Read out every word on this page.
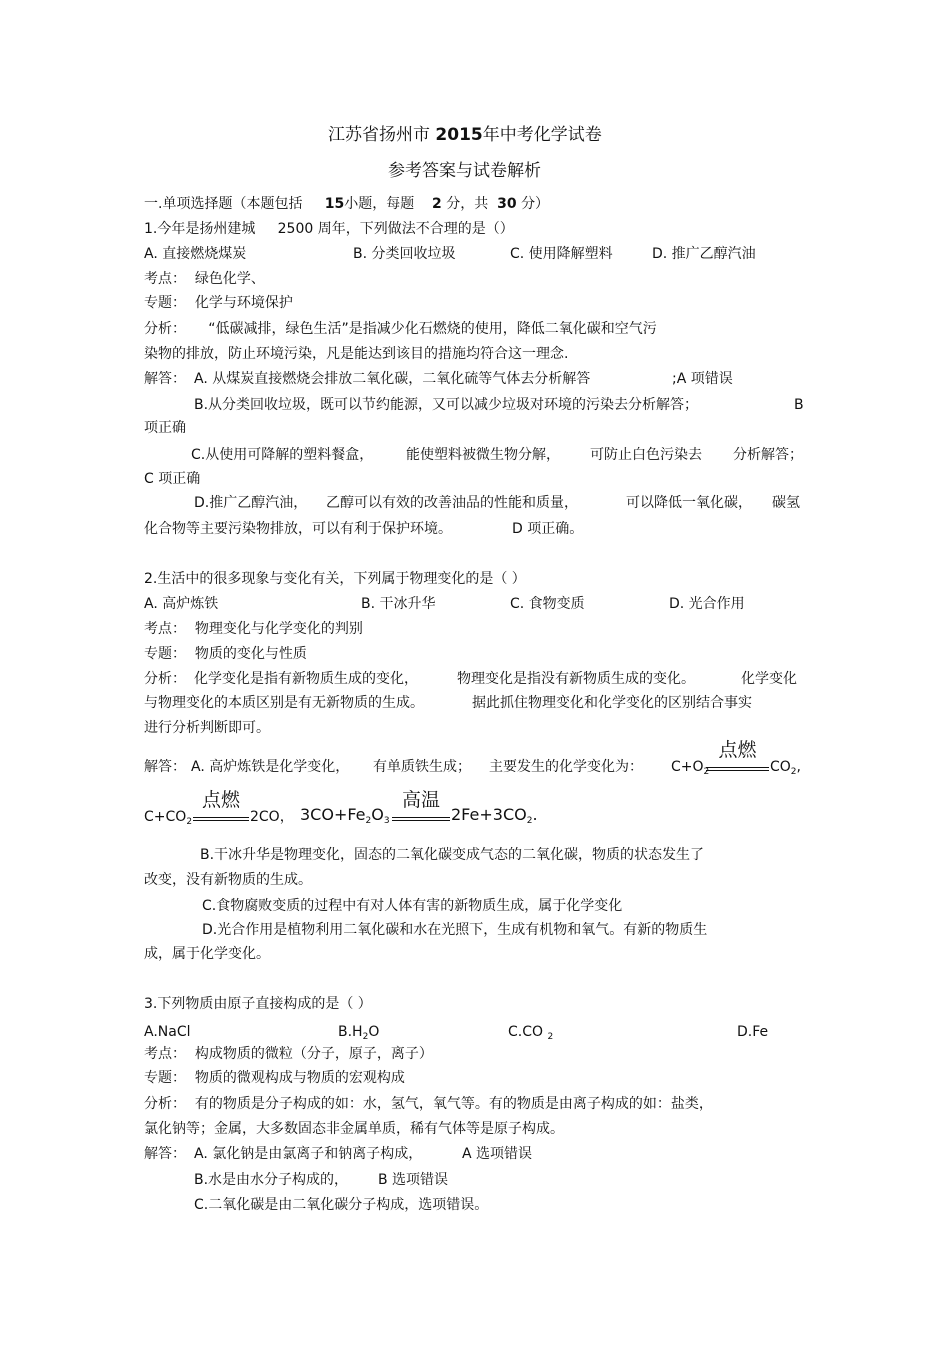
江苏省扬州市 2015年中考化学试卷
参考答案与试卷解析
一.单项选择题（本题包括 15小题，每题 2 分，共 30 分）
1.今年是扬州建城 2500 周年，下列做法不合理的是（）
A. 直接燃烧煤炭	B. 分类回收垃圾	C. 使用降解塑料	D. 推广乙醇汽油
考点： 绿色化学、
专题： 化学与环境保护
分析： “低碳减排，绿色生活”是指减少化石燃烧的使用，降低二氧化碳和空气污
染物的排放，防止环境污染，凡是能达到该目的措施均符合这一理念.
解答： A. 从煤炭直接燃烧会排放二氧化碳，二氧化硫等气体去分析解答	;A 项错误
B.从分类回收垃圾，既可以节约能源，又可以减少垃圾对环境的污染去分析解答；	B
项正确
C.从使用可降解的塑料餐盒， 能使塑料被微生物分解， 可防止白色污染去 分析解答；
C 项正确
D.推广乙醇汽油， 乙醇可以有效的改善油品的性能和质量，	可以降低一氧化碳， 碳氢
化合物等主要污染物排放，可以有利于保护环境。	D 项正确。
2.生活中的很多现象与变化有关，下列属于物理变化的是（ ）
A. 高炉炼铁	B. 干冰升华	C. 食物变质	D. 光合作用
考点： 物理变化与化学变化的判别
专题： 物质的变化与性质
分析： 化学变化是指有新物质生成的变化，	物理变化是指没有新物质生成的变化。	化学变化
与物理变化的本质区别是有无新物质的生成。	据此抓住物理变化和化学变化的区别结合事实
进行分析判断即可。
解答： A. 高炉炼铁是化学变化， 有单质铁生成； 主要发生的化学变化为： $C+O_2$
点燃
$CO_2$,
$C+CO_2$
点燃
2CO， $3CO+Fe_2O_3$
高温
$2Fe+3CO_2$.
B.干冰升华是物理变化，固态的二氧化碳变成气态的二氧化碳，物质的状态发生了
改变，没有新物质的生成。
C.食物腐败变质的过程中有对人体有害的新物质生成，属于化学变化
D.光合作用是植物利用二氧化碳和水在光照下，生成有机物和氧气。有新的物质生
成，属于化学变化。
3.下列物质由原子直接构成的是（ ）
A.NaCl	$B.H_2O$	C.CO $_2$	D.Fe
考点： 构成物质的微粒（分子，原子，离子）
专题： 物质的微观构成与物质的宏观构成
分析： 有的物质是分子构成的如：水，氢气，氧气等。有的物质是由离子构成的如：盐类，
氯化钠等；金属，大多数固态非金属单质，稀有气体等是原子构成。
解答： A. 氯化钠是由氯离子和钠离子构成，	A 选项错误
B.水是由水分子构成的， B 选项错误
C.二氧化碳是由二氧化碳分子构成，选项错误。
